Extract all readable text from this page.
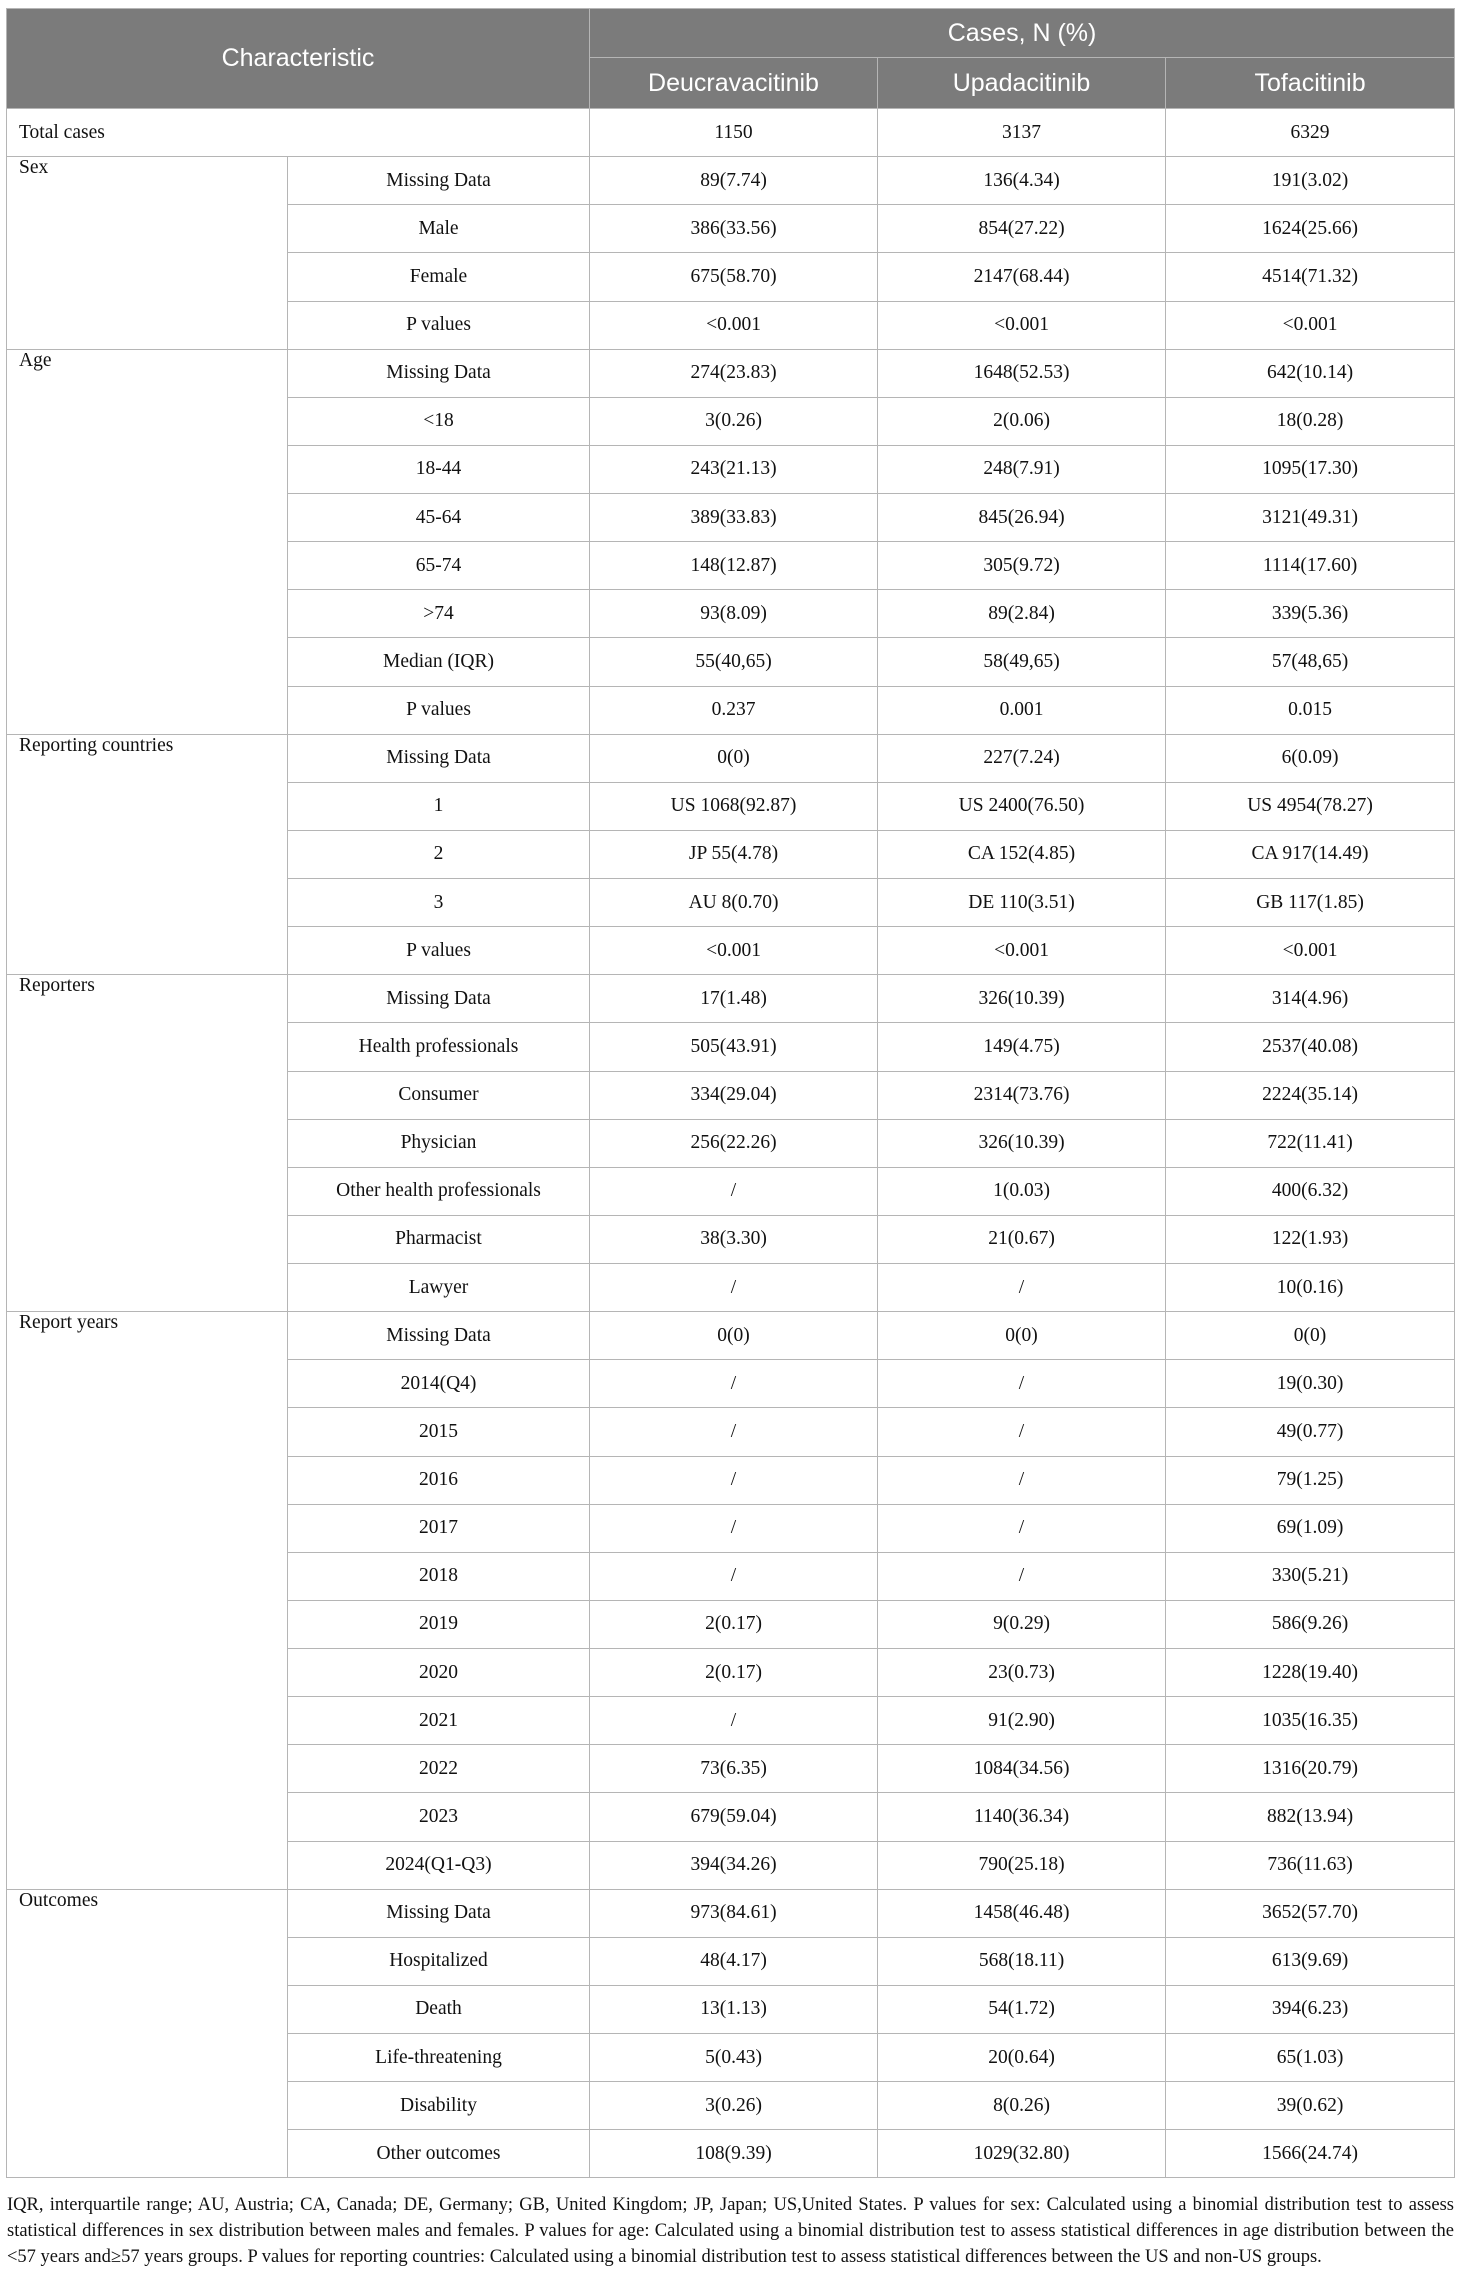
Characteristic		Cases, N (%)		
		Deucravacitinib	Upadacitinib	Tofacitinib
Total cases		1150	3137	6329
Sex	Missing Data	89(7.74)	136(4.34)	191(3.02)
	Male	386(33.56)	854(27.22)	1624(25.66)
	Female	675(58.70)	2147(68.44)	4514(71.32)
	P values	<0.001	<0.001	<0.001
Age	Missing Data	274(23.83)	1648(52.53)	642(10.14)
	<18	3(0.26)	2(0.06)	18(0.28)
	18-44	243(21.13)	248(7.91)	1095(17.30)
	45-64	389(33.83)	845(26.94)	3121(49.31)
	65-74	148(12.87)	305(9.72)	1114(17.60)
	>74	93(8.09)	89(2.84)	339(5.36)
	Median (IQR)	55(40,65)	58(49,65)	57(48,65)
	P values	0.237	0.001	0.015
Reporting countries	Missing Data	0(0)	227(7.24)	6(0.09)
	1	US 1068(92.87)	US 2400(76.50)	US 4954(78.27)
	2	JP 55(4.78)	CA 152(4.85)	CA 917(14.49)
	3	AU 8(0.70)	DE 110(3.51)	GB 117(1.85)
	P values	<0.001	<0.001	<0.001
Reporters	Missing Data	17(1.48)	326(10.39)	314(4.96)
	Health professionals	505(43.91)	149(4.75)	2537(40.08)
	Consumer	334(29.04)	2314(73.76)	2224(35.14)
	Physician	256(22.26)	326(10.39)	722(11.41)
	Other health professionals	/	1(0.03)	400(6.32)
	Pharmacist	38(3.30)	21(0.67)	122(1.93)
	Lawyer	/	/	10(0.16)
Report years	Missing Data	0(0)	0(0)	0(0)
	2014(Q4)	/	/	19(0.30)
	2015	/	/	49(0.77)
	2016	/	/	79(1.25)
	2017	/	/	69(1.09)
	2018	/	/	330(5.21)
	2019	2(0.17)	9(0.29)	586(9.26)
	2020	2(0.17)	23(0.73)	1228(19.40)
	2021	/	91(2.90)	1035(16.35)
	2022	73(6.35)	1084(34.56)	1316(20.79)
	2023	679(59.04)	1140(36.34)	882(13.94)
	2024(Q1-Q3)	394(34.26)	790(25.18)	736(11.63)
Outcomes	Missing Data	973(84.61)	1458(46.48)	3652(57.70)
	Hospitalized	48(4.17)	568(18.11)	613(9.69)
	Death	13(1.13)	54(1.72)	394(6.23)
	Life-threatening	5(0.43)	20(0.64)	65(1.03)
	Disability	3(0.26)	8(0.26)	39(0.62)
	Other outcomes	108(9.39)	1029(32.80)	1566(24.74)
IQR, interquartile range; AU, Austria; CA, Canada; DE, Germany; GB, United Kingdom; JP, Japan; US,United States. P values for sex: Calculated using a binomial distribution test to assess statistical differences in sex distribution between males and females. P values for age: Calculated using a binomial distribution test to assess statistical differences in age distribution between the <57 years and≥57 years groups. P values for reporting countries: Calculated using a binomial distribution test to assess statistical differences between the US and non-US groups.
